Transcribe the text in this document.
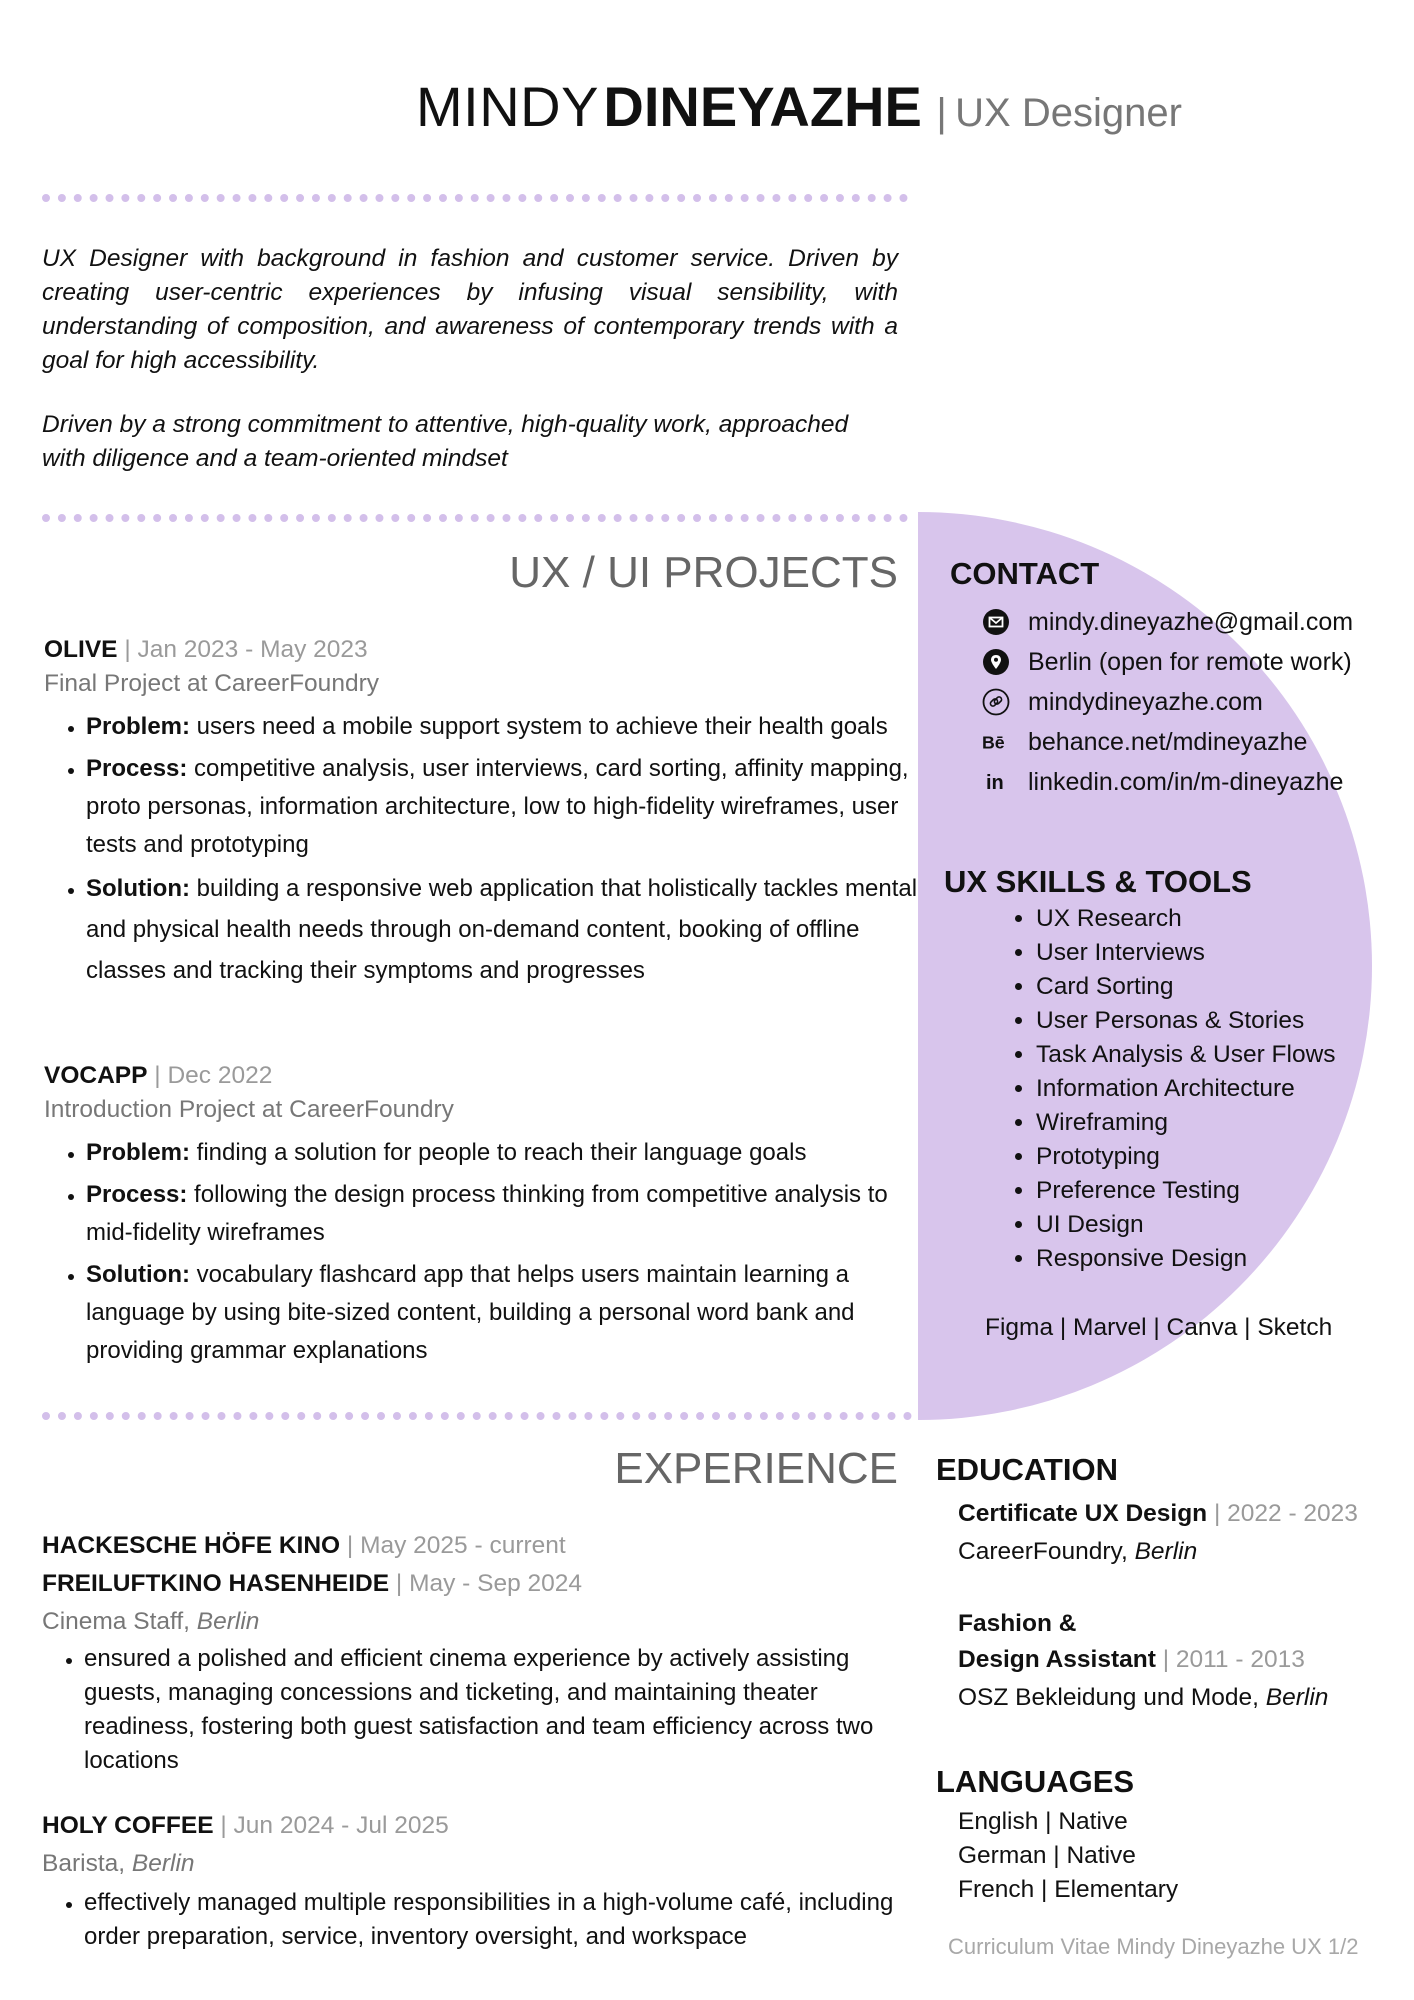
MINDY DINEYAZHE | UX Designer

UX Designer with background in fashion and customer service. Driven by creating user-centric experiences by infusing visual sensibility, with understanding of composition, and awareness of contemporary trends with a goal for high accessibility.

Driven by a strong commitment to attentive, high-quality work, approached with diligence and a team-oriented mindset

UX / UI PROJECTS
OLIVE | Jan 2023 - May 2023
Final Project at CareerFoundry
• Problem: users need a mobile support system to achieve their health goals
• Process: competitive analysis, user interviews, card sorting, affinity mapping, proto personas, information architecture, low to high-fidelity wireframes, user tests and prototyping
• Solution: building a responsive web application that holistically tackles mental and physical health needs through on-demand content, booking of offline classes and tracking their symptoms and progresses
VOCAPP | Dec 2022
Introduction Project at CareerFoundry
• Problem: finding a solution for people to reach their language goals
• Process: following the design process thinking from competitive analysis to mid-fidelity wireframes
• Solution: vocabulary flashcard app that helps users maintain learning a language by using bite-sized content, building a personal word bank and providing grammar explanations
CONTACT
mindy.dineyazhe@gmail.com
Berlin (open for remote work)
mindydineyazhe.com
Bē behance.net/mdineyazhe
in linkedin.com/in/m-dineyazhe
UX SKILLS & TOOLS
• UX Research
• User Interviews
• Card Sorting
• User Personas & Stories
• Task Analysis & User Flows
• Information Architecture
• Wireframing
• Prototyping
• Preference Testing
• UI Design
• Responsive Design
Figma | Marvel | Canva | Sketch
EXPERIENCE
HACKESCHE HÖFE KINO | May 2025 - current
FREILUFTKINO HASENHEIDE | May - Sep 2024
Cinema Staff, Berlin
• ensured a polished and efficient cinema experience by actively assisting guests, managing concessions and ticketing, and maintaining theater readiness, fostering both guest satisfaction and team efficiency across two locations
HOLY COFFEE | Jun 2024 - Jul 2025
Barista, Berlin
• effectively managed multiple responsibilities in a high-volume café, including order preparation, service, inventory oversight, and workspace
EDUCATION
Certificate UX Design | 2022 - 2023
CareerFoundry, Berlin
Fashion &
Design Assistant | 2011 - 2013
OSZ Bekleidung und Mode, Berlin
LANGUAGES
English | Native
German | Native
French | Elementary
Curriculum Vitae Mindy Dineyazhe UX 1/2
